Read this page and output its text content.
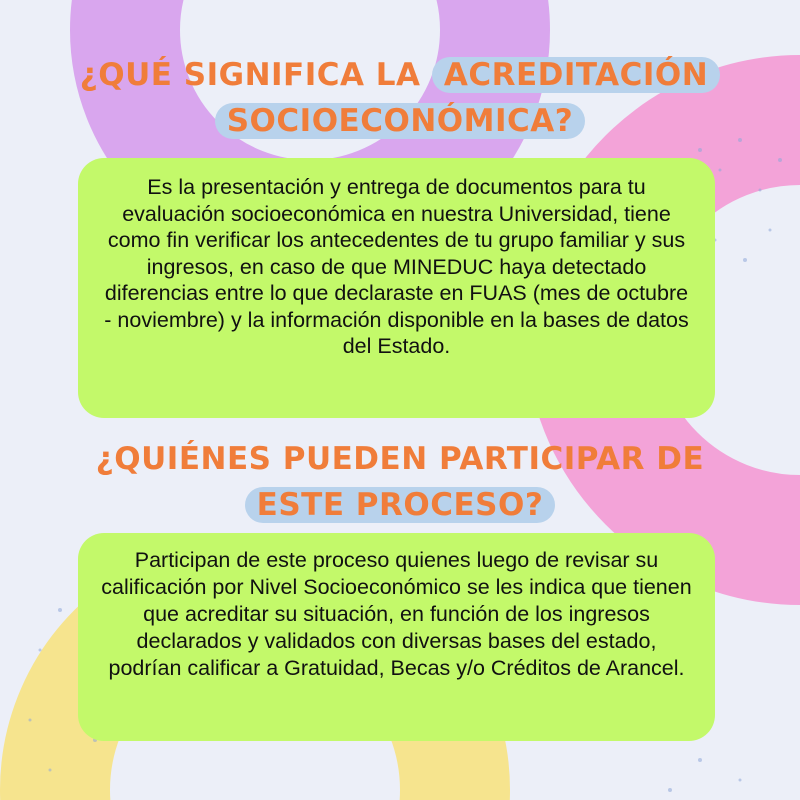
¿QUÉ SIGNIFICA LA ACREDITACIÓN
SOCIOECONÓMICA?

Es la presentación y entrega de documentos para tu evaluación socioeconómica en nuestra Universidad, tiene como fin verificar los antecedentes de tu grupo familiar y sus ingresos, en caso de que MINEDUC haya detectado diferencias entre lo que declaraste en FUAS (mes de octubre - noviembre) y la información disponible en la bases de datos del Estado.

¿QUIÉNES PUEDEN PARTICIPAR DE
ESTE PROCESO?

Participan de este proceso quienes luego de revisar su calificación por Nivel Socioeconómico se les indica que tienen que acreditar su situación, en función de los ingresos declarados y validados con diversas bases del estado, podrían calificar a Gratuidad, Becas y/o Créditos de Arancel.
